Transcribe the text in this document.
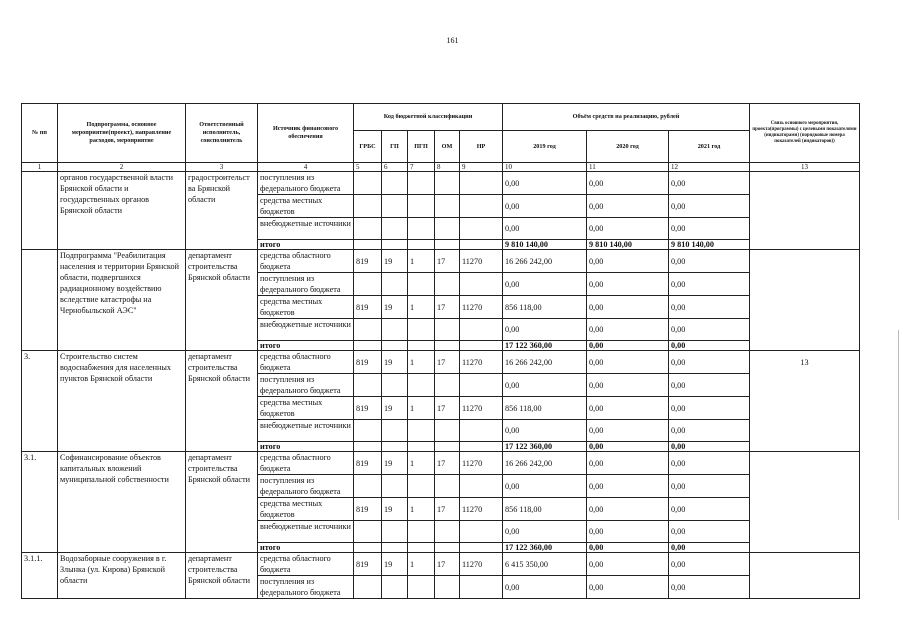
161
№ пп	Подпрограмма, основное мероприятие(проект), направление расходов, мероприятие	Ответственный исполнитель, соисполнитель	Источник финансового обеспечения	Код бюджетной классификации					Объём средств на реализацию, рублей			Связь основного мероприятия, проекта(программы) с целевыми показателями (индикаторами) (порядковые номера показателей (индикаторов))
				ГРБС	ГП	ПГП	ОМ	НР	2019 год	2020 год	2021 год	
1	2	3	4	5	6	7	8	9	10	11	12	13
	органов государственной власти Брянской области и государственных органов Брянской области	градостроительст ва Брянской области	поступления из федерального бюджета						0,00	0,00	0,00	
			средства местных бюджетов						0,00	0,00	0,00	
			внебюджетные источники						0,00	0,00	0,00	
			итого						9 810 140,00	9 810 140,00	9 810 140,00	
	Подпрограмма "Реабилитация населения и территории Брянской области, подвергшихся радиационному воздействию вследствие катастрофы на Чернобыльской АЭС"	департамент строительства Брянской области	средства областного бюджета	819	19	1	17	11270	16 266 242,00	0,00	0,00	
			поступления из федерального бюджета						0,00	0,00	0,00	
			средства местных бюджетов	819	19	1	17	11270	856 118,00	0,00	0,00	
			внебюджетные источники						0,00	0,00	0,00	
			итого						17 122 360,00	0,00	0,00	
3.	Строительство систем водоснабжения для населенных пунктов Брянской области	департамент строительства Брянской области	средства областного бюджета	819	19	1	17	11270	16 266 242,00	0,00	0,00	13
			поступления из федерального бюджета						0,00	0,00	0,00	
			средства местных бюджетов	819	19	1	17	11270	856 118,00	0,00	0,00	
			внебюджетные источники						0,00	0,00	0,00	
			итого						17 122 360,00	0,00	0,00	
3.1.	Софинансирование объектов капитальных вложений муниципальной собственности	департамент строительства Брянской области	средства областного бюджета	819	19	1	17	11270	16 266 242,00	0,00	0,00	
			поступления из федерального бюджета						0,00	0,00	0,00	
			средства местных бюджетов	819	19	1	17	11270	856 118,00	0,00	0,00	
			внебюджетные источники						0,00	0,00	0,00	
			итого						17 122 360,00	0,00	0,00	
3.1.1.	Водозаборные сооружения в г. Злынка (ул. Кирова) Брянской области	департамент строительства Брянской области	средства областного бюджета	819	19	1	17	11270	6 415 350,00	0,00	0,00	
			поступления из федерального бюджета						0,00	0,00	0,00	
